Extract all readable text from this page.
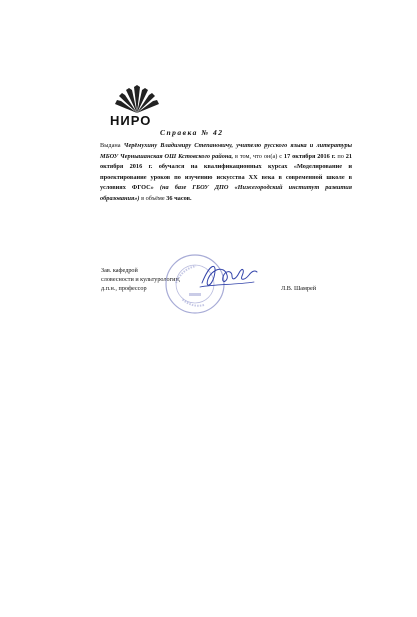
НИРО
Справка № 42
Выдана Черёмухину Владимиру Степановичу, учителю русского языка и литературы МБОУ Чернышанская ОШ Кстовского района, в том, что он(а) с 17 октября 2016 г. по 21 октября 2016 г. обучался на квалификационных курсах «Моделирование и проектирование уроков по изучению искусства XX века в современной школе в условиях ФГОС» (на базе ГБОУ ДПО «Нижегородский институт развития образования») в объёме 36 часов.
Зав. кафедрой
словесности и культурологии,
д.п.н., профессор	Л.В. Шамрей
